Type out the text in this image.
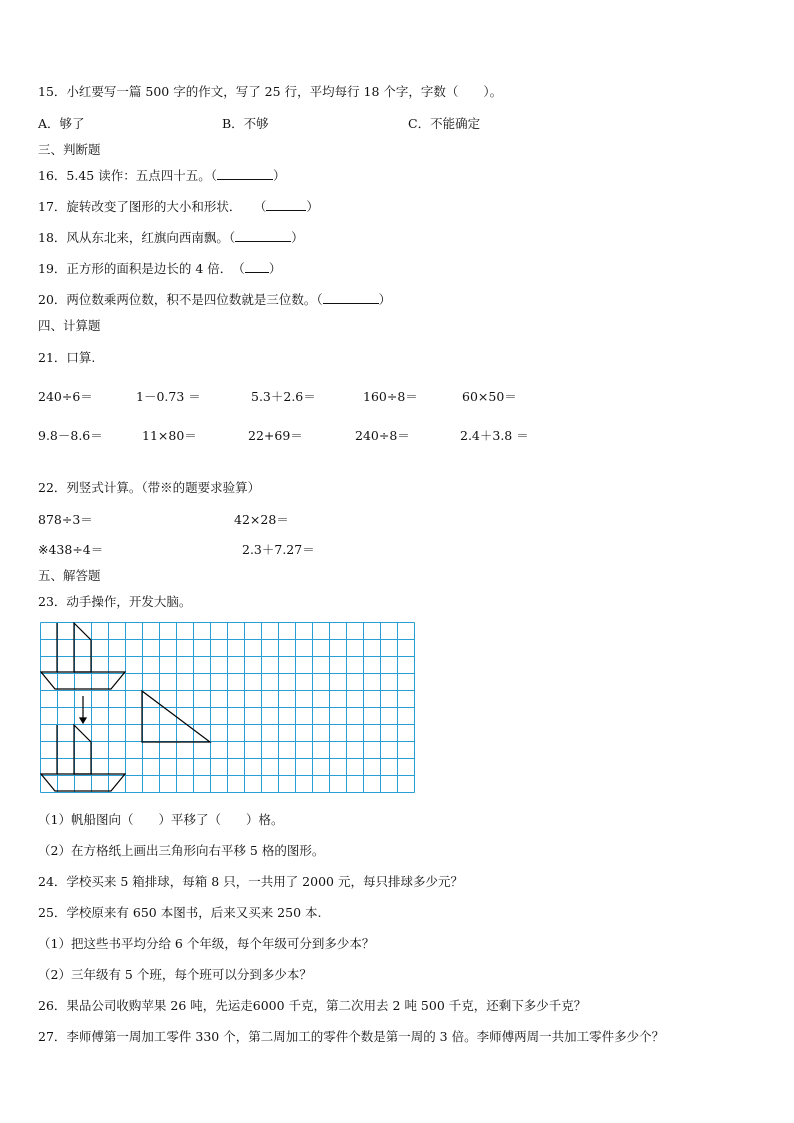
15．小红要写一篇 500 字的作文，写了 25 行，平均每行 18 个字，字数（　　）。
A．够了	B．不够	C．不能确定
三、判断题
16．5.45 读作：五点四十五。（	）
17．旋转改变了图形的大小和形状．　　（	）
18．风从东北来，红旗向西南飘。（	）
19．正方形的面积是边长的 4 倍．　（ ）
20．两位数乘两位数，积不是四位数就是三位数。（	）
四、计算题
21．口算.
240÷6＝	1－0.73 ＝	5.3＋2.6＝	160÷8＝	60×50＝
9.8－8.6＝	11×80＝	22+69＝	240÷8＝	2.4＋3.8 ＝
22．列竖式计算。（带※的题要求验算）
878÷3＝	42×28＝
※438÷4＝	2.3＋7.27＝
五、解答题
23．动手操作，开发大脑。
（1）帆船图向（　　）平移了（　　）格。
（2）在方格纸上画出三角形向右平移 5 格的图形。
24．学校买来 5 箱排球，每箱 8 只，一共用了 2000 元，每只排球多少元？
25．学校原来有 650 本图书，后来又买来 250 本.
（1）把这些书平均分给 6 个年级，每个年级可分到多少本？
（2）三年级有 5 个班，每个班可以分到多少本？
26．果品公司收购苹果 26 吨，先运走6000 千克，第二次用去 2 吨 500 千克，还剩下多少千克？
27．李师傅第一周加工零件 330 个，第二周加工的零件个数是第一周的 3 倍。李师傅两周一共加工零件多少个？
